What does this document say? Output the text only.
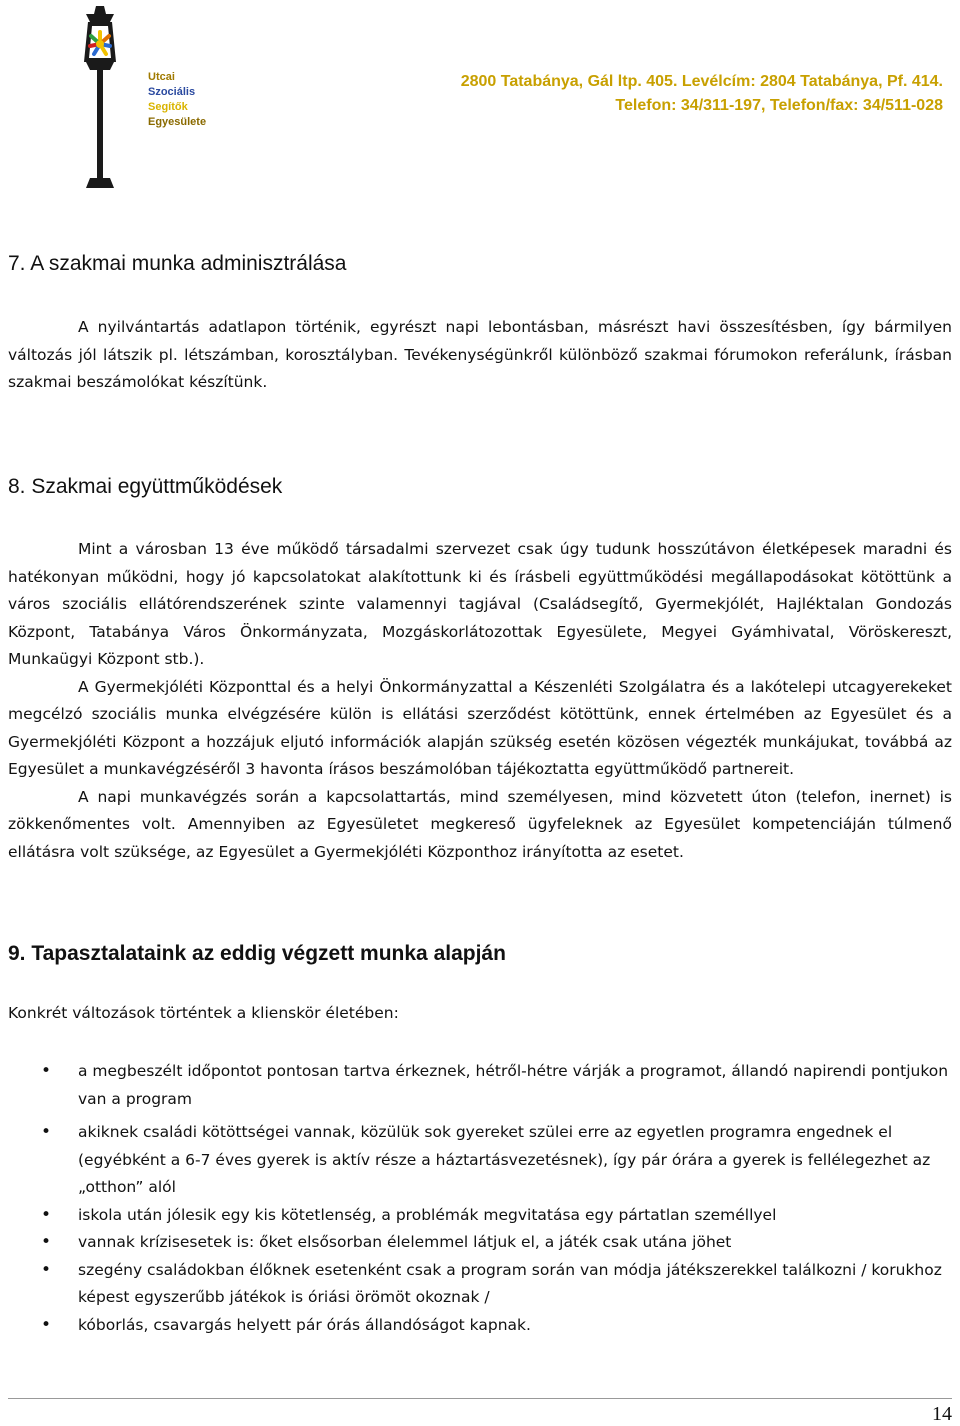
Utcai
Szociális
Segítők
Egyesülete
2800 Tatabánya, Gál ltp. 405. Levélcím: 2804 Tatabánya, Pf. 414.
Telefon: 34/311-197, Telefon/fax: 34/511-028
7. A szakmai munka adminisztrálása

A nyilvántartás adatlapon történik, egyrészt napi lebontásban, másrészt havi összesítésben, így bármilyen változás jól látszik pl. létszámban, korosztályban. Tevékenységünkről különböző szakmai fórumokon referálunk, írásban szakmai beszámolókat készítünk.

8. Szakmai együttműködések

Mint a városban 13 éve működő társadalmi szervezet csak úgy tudunk hosszútávon életképesek maradni és hatékonyan működni, hogy jó kapcsolatokat alakítottunk ki és írásbeli együttműködési megállapodásokat kötöttünk a város szociális ellátórendszerének szinte valamennyi tagjával (Családsegítő, Gyermekjólét, Hajléktalan Gondozás Központ, Tatabánya Város Önkormányzata, Mozgáskorlátozottak Egyesülete, Megyei Gyámhivatal, Vöröskereszt, Munkaügyi Központ stb.).

A Gyermekjóléti Központtal és a helyi Önkormányzattal a Készenléti Szolgálatra és a lakótelepi utcagyerekeket megcélzó szociális munka elvégzésére külön is ellátási szerződést kötöttünk, ennek értelmében az Egyesület és a Gyermekjóléti Központ a hozzájuk eljutó információk alapján szükség esetén közösen végezték munkájukat, továbbá az Egyesület a munkavégzéséről 3 havonta írásos beszámolóban tájékoztatta együttműködő partnereit.

A napi munkavégzés során a kapcsolattartás, mind személyesen, mind közvetett úton (telefon, inernet) is zökkenőmentes volt. Amennyiben az Egyesületet megkereső ügyfeleknek az Egyesület kompetenciáján túlmenő ellátásra volt szüksége, az Egyesület a Gyermekjóléti Központhoz irányította az esetet.

9. Tapasztalataink az eddig végzett munka alapján

Konkrét változások történtek a klienskör életében:

• a megbeszélt időpontot pontosan tartva érkeznek, hétről-hétre várják a programot, állandó napirendi pontjukon van a program
• akiknek családi kötöttségei vannak, közülük sok gyereket szülei erre az egyetlen programra engednek el (egyébként a 6-7 éves gyerek is aktív része a háztartásvezetésnek), így pár órára a gyerek is fellélegezhet az „otthon” alól
• iskola után jólesik egy kis kötetlenség, a problémák megvitatása egy pártatlan személlyel
• vannak krízisesetek is: őket elsősorban élelemmel látjuk el, a játék csak utána jöhet
• szegény családokban élőknek esetenként csak a program során van módja játékszerekkel találkozni / korukhoz képest egyszerűbb játékok is óriási örömöt okoznak /
• kóborlás, csavargás helyett pár órás állandóságot kapnak.
14
